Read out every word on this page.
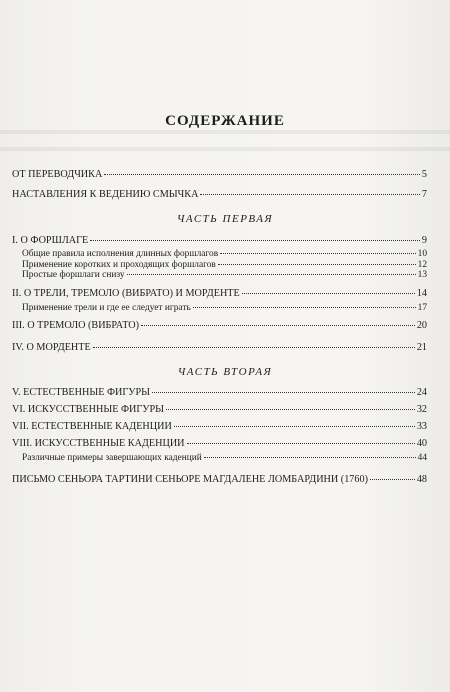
СОДЕРЖАНИЕ
ОТ ПЕРЕВОДЧИКА	5
НАСТАВЛЕНИЯ К ВЕДЕНИЮ СМЫЧКА	7
ЧАСТЬ ПЕРВАЯ
I. О ФОРШЛАГЕ	9
Общие правила исполнения длинных форшлагов	10
Применение коротких и проходящих форшлагов	12
Простые форшлаги снизу	13
II. О ТРЕЛИ, ТРЕМОЛО (ВИБРАТО) И МОРДЕНТЕ	14
Применение трели и где ее следует играть	17
III. О ТРЕМОЛО (ВИБРАТО)	20
IV. О МОРДЕНТЕ	21
ЧАСТЬ ВТОРАЯ
V. ЕСТЕСТВЕННЫЕ ФИГУРЫ	24
VI. ИСКУССТВЕННЫЕ ФИГУРЫ	32
VII. ЕСТЕСТВЕННЫЕ КАДЕНЦИИ	33
VIII. ИСКУССТВЕННЫЕ КАДЕНЦИИ	40
Различные примеры завершающих каденций	44
ПИСЬМО СЕНЬОРА ТАРТИНИ СЕНЬОРЕ МАГДАЛЕНЕ ЛОМБАРДИНИ (1760)	48
